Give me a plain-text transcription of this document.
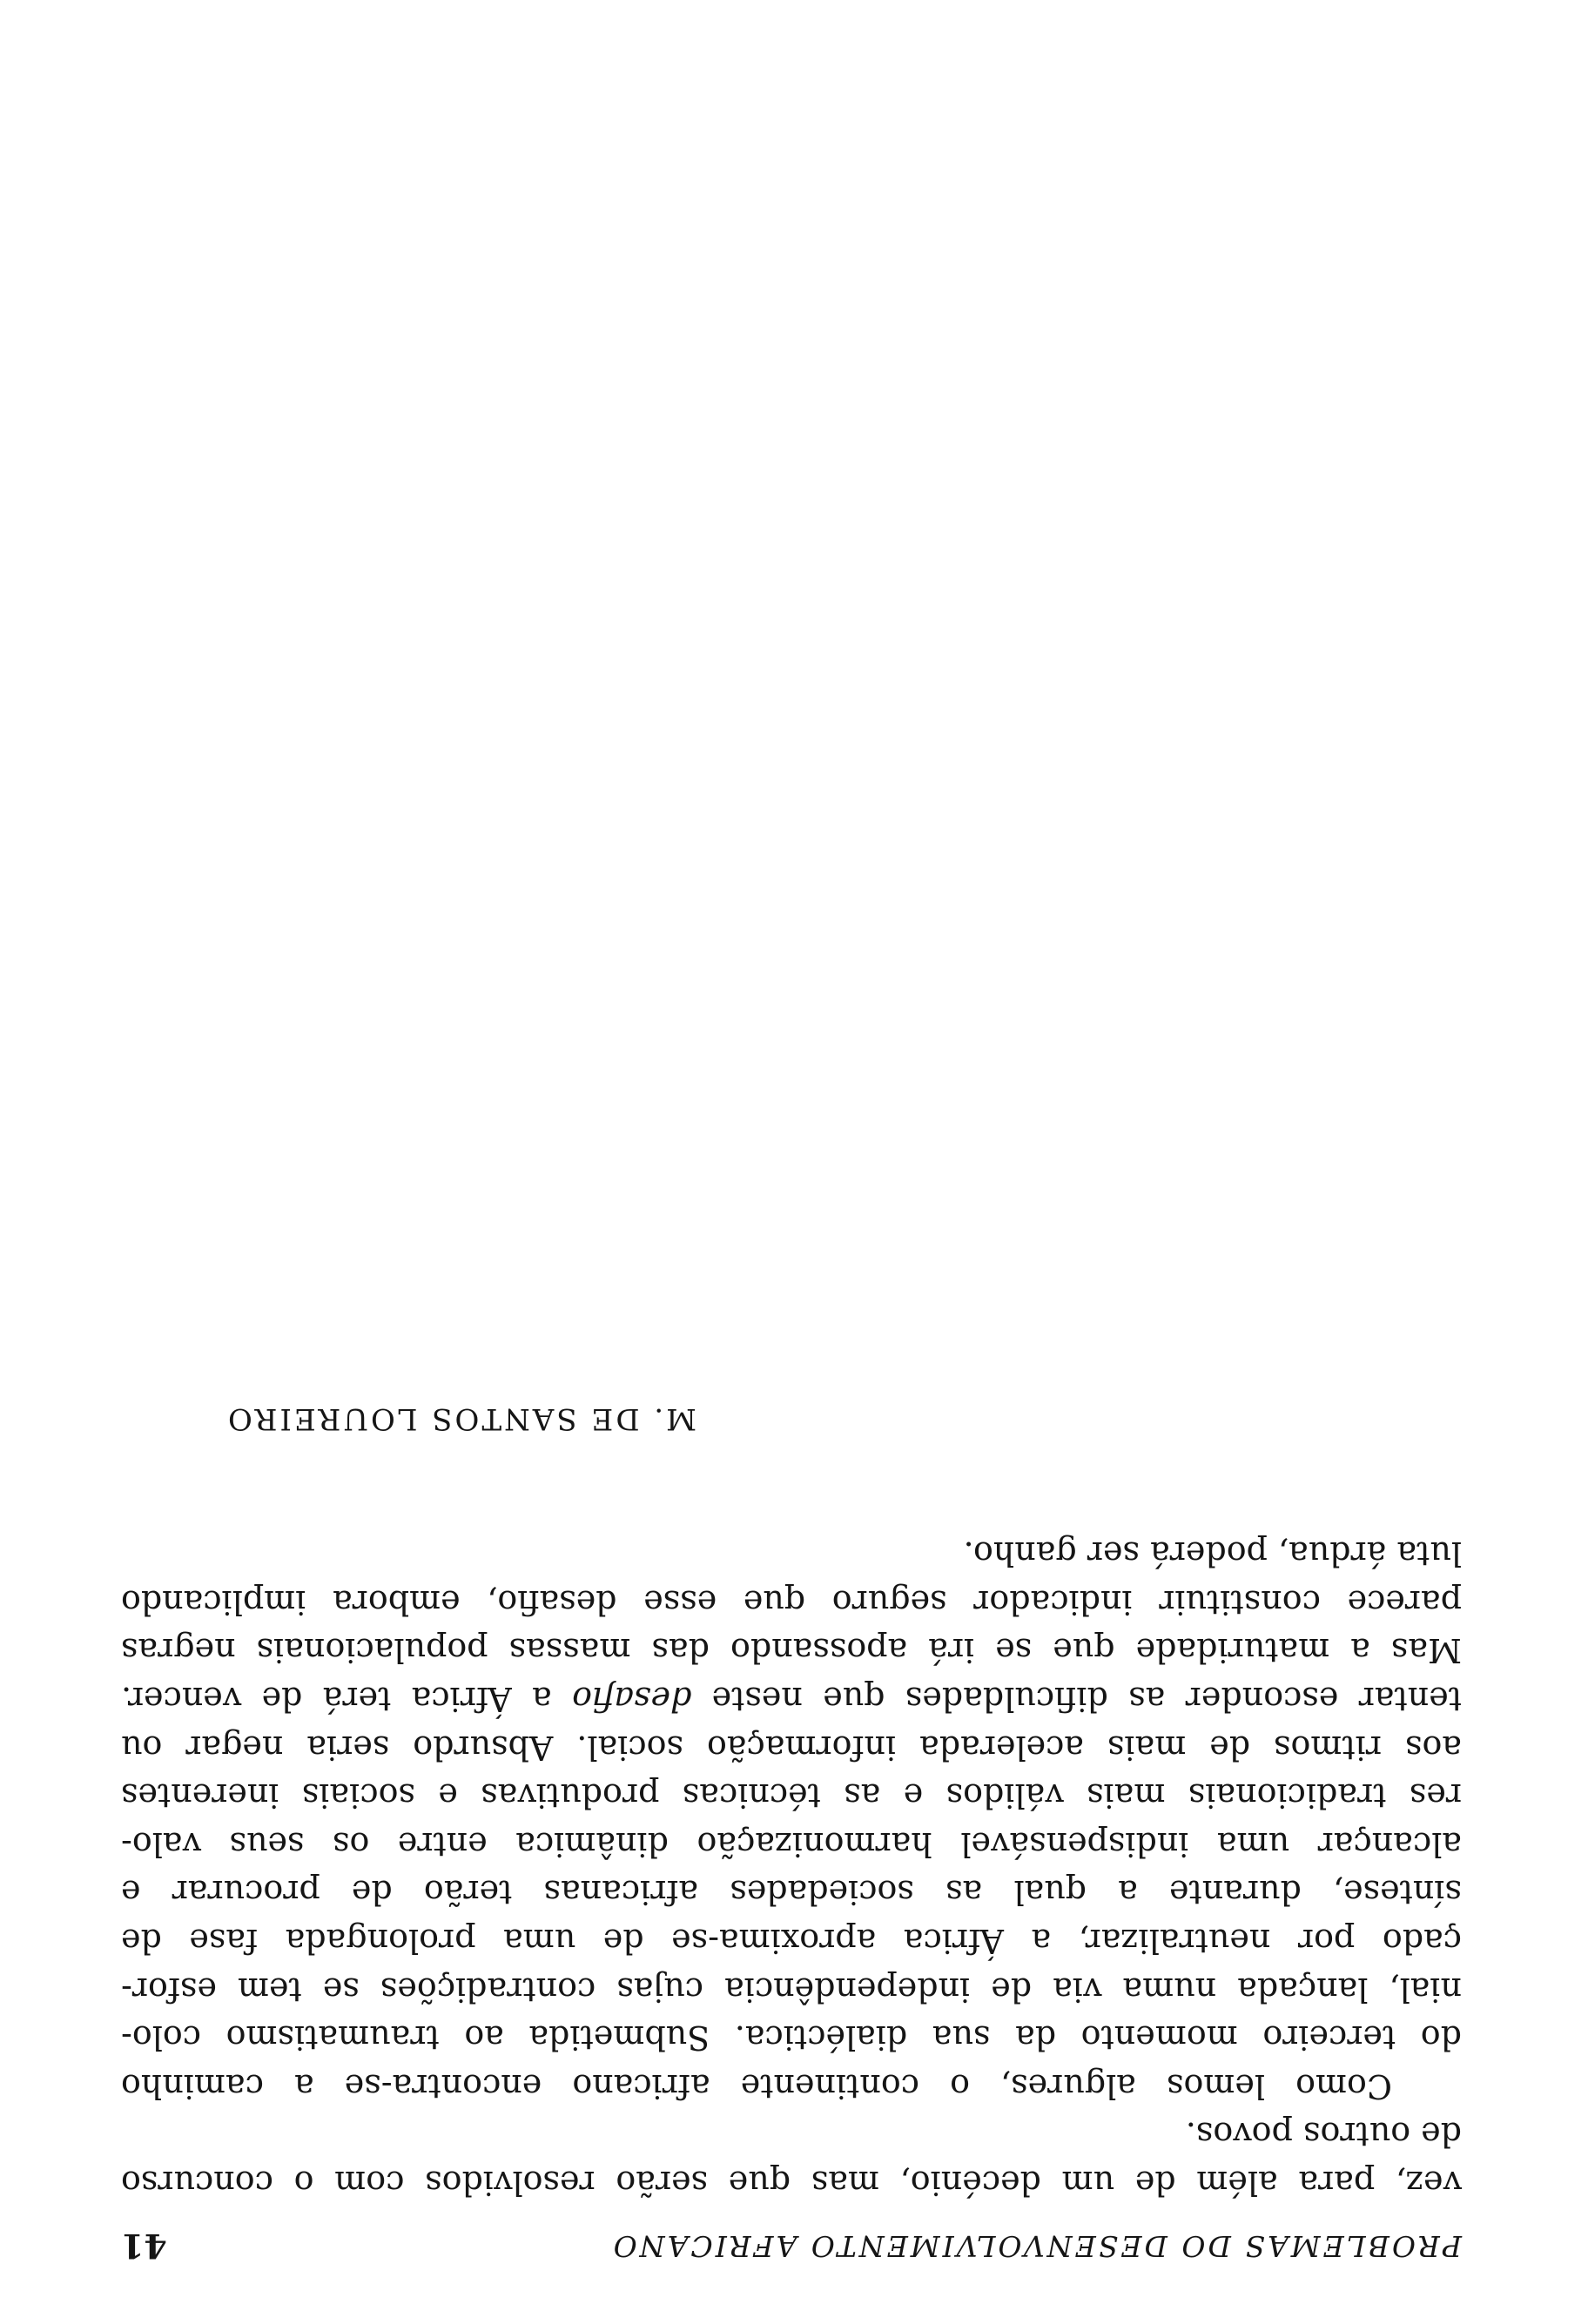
PROBLEMAS DO DESENVOLVIMENTO AFRICANO
41
vez, para além de um decénio, mas que serão resolvidos com o concurso
de outros povos.
Como lemos algures, o continente africano encontra-se a caminho
do terceiro momento da sua dialéctica. Submetida ao traumatismo colo-
nial, lançada numa via de independência cujas contradições se tem esfor-
çado por neutralizar, a África aproxima-se de uma prolongada fase de
síntese, durante a qual as sociedades africanas terão de procurar e
alcançar uma indispensável harmonização dinâmica entre os seus valo-
res tradicionais mais válidos e as técnicas produtivas e sociais inerentes
aos ritmos de mais acelerada informação social. Absurdo seria negar ou
tentar esconder as dificuldades que neste desafio a África terá de vencer.
Mas a maturidade que se irá apossando das massas populacionais negras
parece constituir indicador seguro que esse desafio, embora implicando
luta árdua, poderá ser ganho.
M. DE SANTOS LOUREIRO
